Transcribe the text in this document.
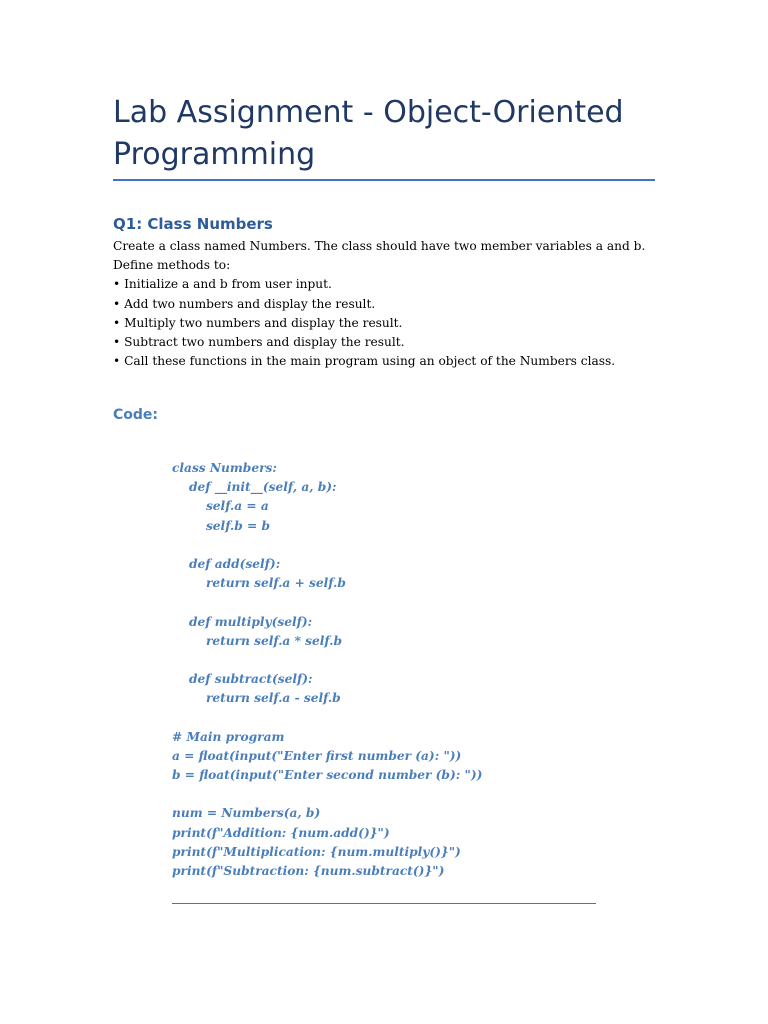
Lab Assignment - Object-Oriented Programming
Q1: Class Numbers

Create a class named Numbers. The class should have two member variables a and b. Define methods to:

• Initialize a and b from user input.
• Add two numbers and display the result.
• Multiply two numbers and display the result.
• Subtract two numbers and display the result.
• Call these functions in the main program using an object of the Numbers class.
Code:
class Numbers:
def __init__(self, a, b):
self.a = a
self.b = b
def add(self):
return self.a + self.b
def multiply(self):
return self.a * self.b
def subtract(self):
return self.a - self.b
# Main program
a = float(input("Enter first number (a): "))
b = float(input("Enter second number (b): "))
num = Numbers(a, b)
print(f"Addition: {num.add()}")
print(f"Multiplication: {num.multiply()}")
print(f"Subtraction: {num.subtract()}")
